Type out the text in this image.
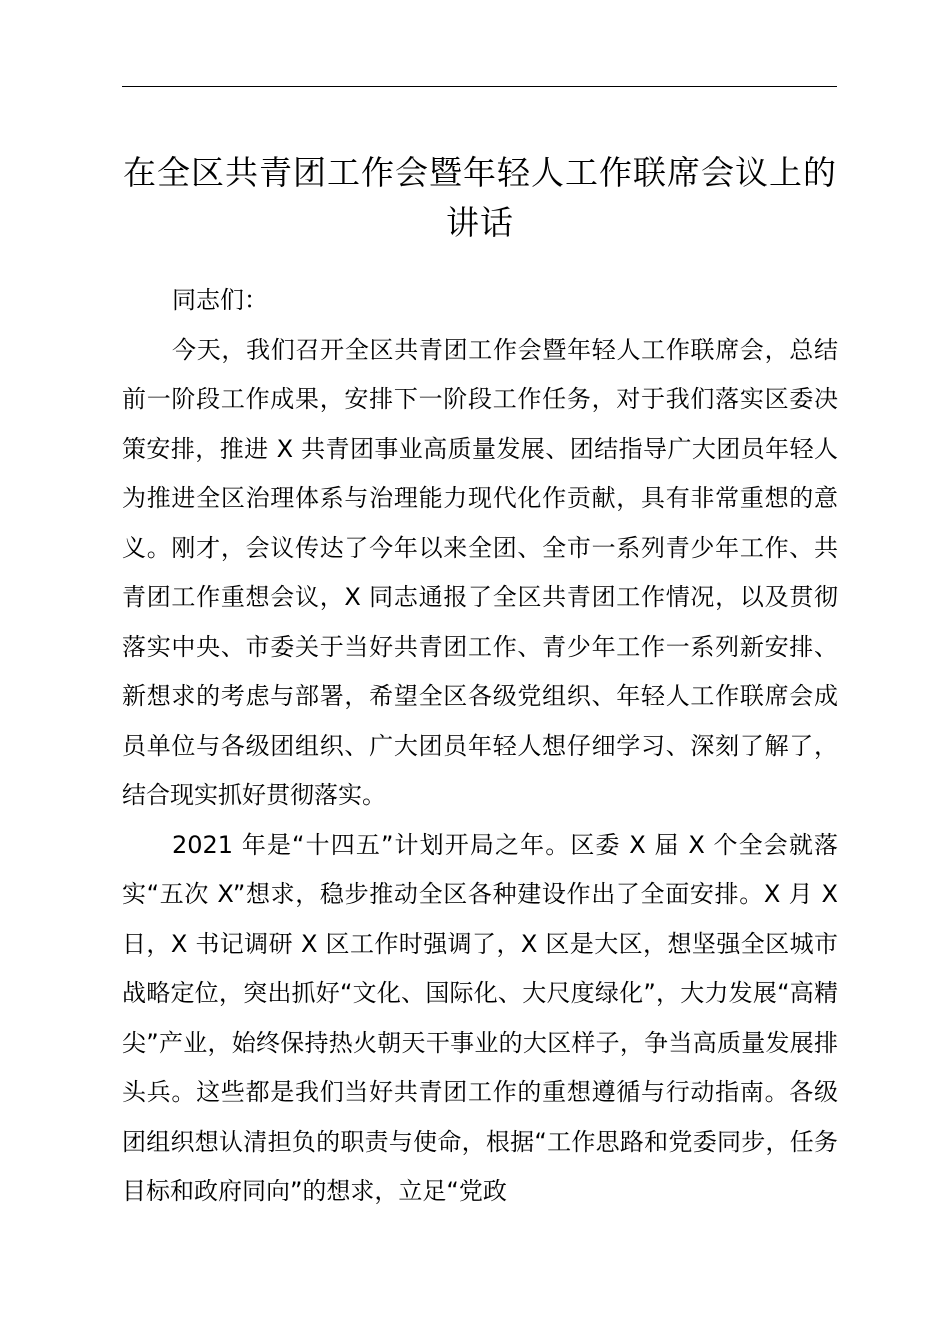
在全区共青团工作会暨年轻人工作联席会议上的讲话

同志们：

今天，我们召开全区共青团工作会暨年轻人工作联席会，总结前一阶段工作成果，安排下一阶段工作任务，对于我们落实区委决策安排，推进 X 共青团事业高质量发展、团结指导广大团员年轻人为推进全区治理体系与治理能力现代化作贡献，具有非常重想的意义。刚才，会议传达了今年以来全团、全市一系列青少年工作、共青团工作重想会议，X 同志通报了全区共青团工作情况，以及贯彻落实中央、市委关于当好共青团工作、青少年工作一系列新安排、新想求的考虑与部署，希望全区各级党组织、年轻人工作联席会成员单位与各级团组织、广大团员年轻人想仔细学习、深刻了解了，结合现实抓好贯彻落实。

2021 年是“十四五”计划开局之年。区委 X 届 X 个全会就落实“五次 X”想求，稳步推动全区各种建设作出了全面安排。X 月 X 日，X 书记调研 X 区工作时强调了，X 区是大区，想坚强全区城市战略定位，突出抓好“文化、国际化、大尺度绿化”，大力发展“高精尖”产业，始终保持热火朝天干事业的大区样子，争当高质量发展排头兵。这些都是我们当好共青团工作的重想遵循与行动指南。各级团组织想认清担负的职责与使命，根据“工作思路和党委同步，任务目标和政府同向”的想求，立足“党政
